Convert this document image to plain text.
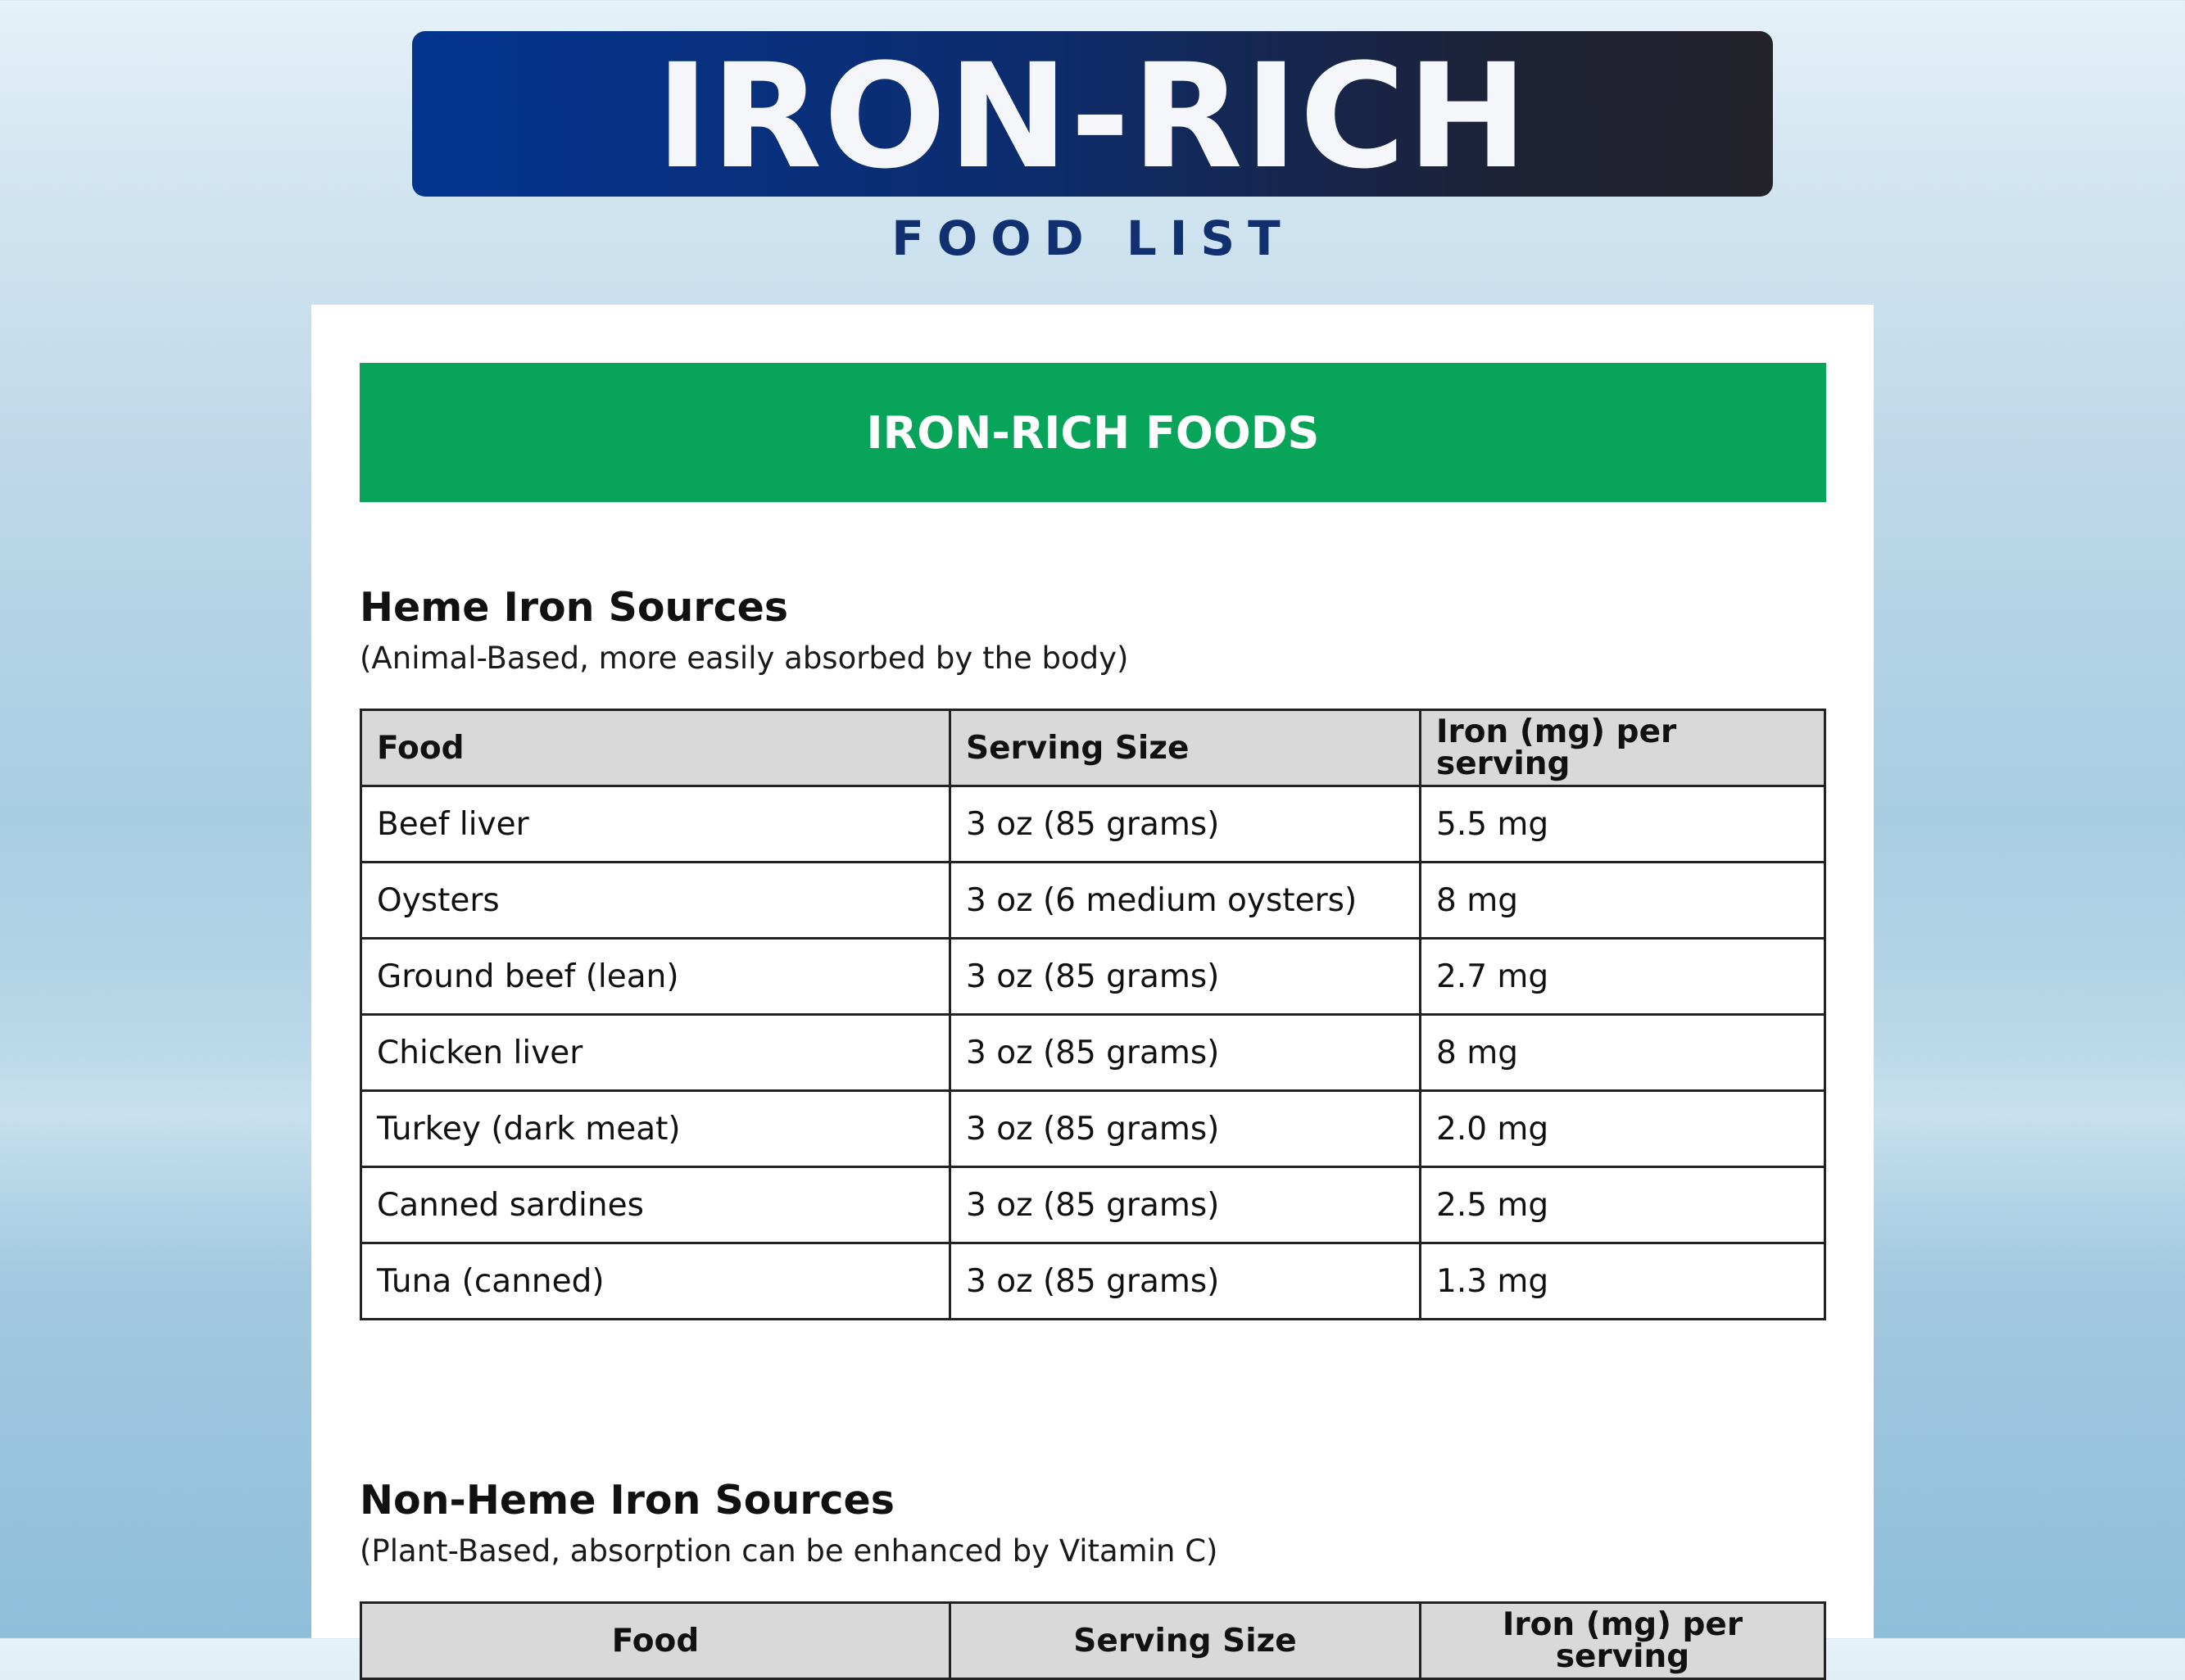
IRON-RICH
FOOD LIST
IRON-RICH FOODS
Heme Iron Sources
(Animal-Based, more easily absorbed by the body)
Food	Serving Size	Iron (mg) per serving
Beef liver	3 oz (85 grams)	5.5 mg
Oysters	3 oz (6 medium oysters)	8 mg
Ground beef (lean)	3 oz (85 grams)	2.7 mg
Chicken liver	3 oz (85 grams)	8 mg
Turkey (dark meat)	3 oz (85 grams)	2.0 mg
Canned sardines	3 oz (85 grams)	2.5 mg
Tuna (canned)	3 oz (85 grams)	1.3 mg
Non-Heme Iron Sources
(Plant-Based, absorption can be enhanced by Vitamin C)
Food	Serving Size	Iron (mg) per serving
